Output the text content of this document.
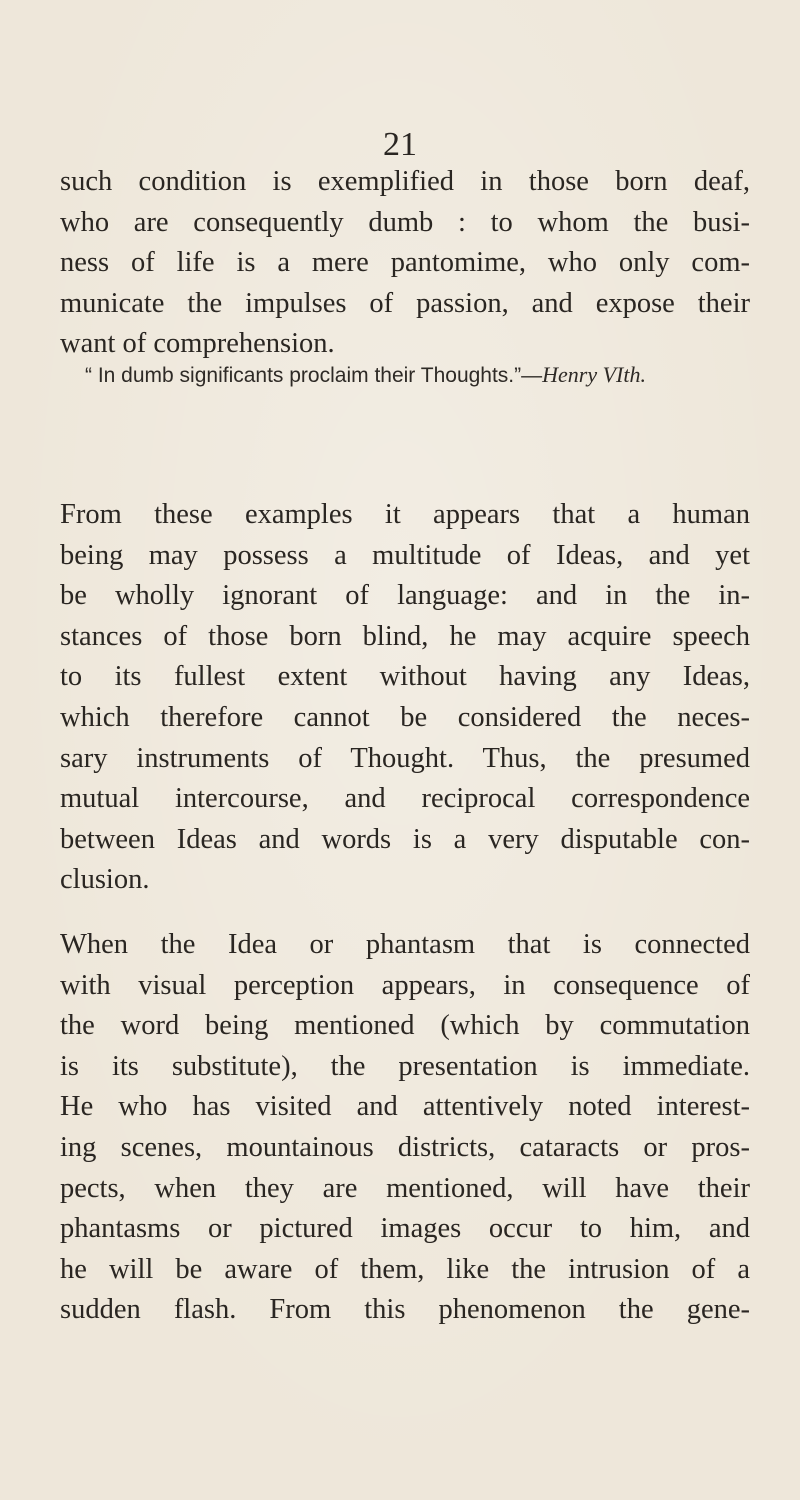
21

such condition is exemplified in those born deaf,
who are consequently dumb : to whom the busi-
ness of life is a mere pantomime, who only com-
municate the impulses of passion, and expose their
want of comprehension.

“ In dumb significants proclaim their Thoughts.”—Henry VIth.

From these examples it appears that a human
being may possess a multitude of Ideas, and yet
be wholly ignorant of language: and in the in-
stances of those born blind, he may acquire speech
to its fullest extent without having any Ideas,
which therefore cannot be considered the neces-
sary instruments of Thought. Thus, the presumed
mutual intercourse, and reciprocal correspondence
between Ideas and words is a very disputable con-
clusion.

When the Idea or phantasm that is connected
with visual perception appears, in consequence of
the word being mentioned (which by commutation
is its substitute), the presentation is immediate.
He who has visited and attentively noted interest-
ing scenes, mountainous districts, cataracts or pros-
pects, when they are mentioned, will have their
phantasms or pictured images occur to him, and
he will be aware of them, like the intrusion of a
sudden flash. From this phenomenon the gene-
